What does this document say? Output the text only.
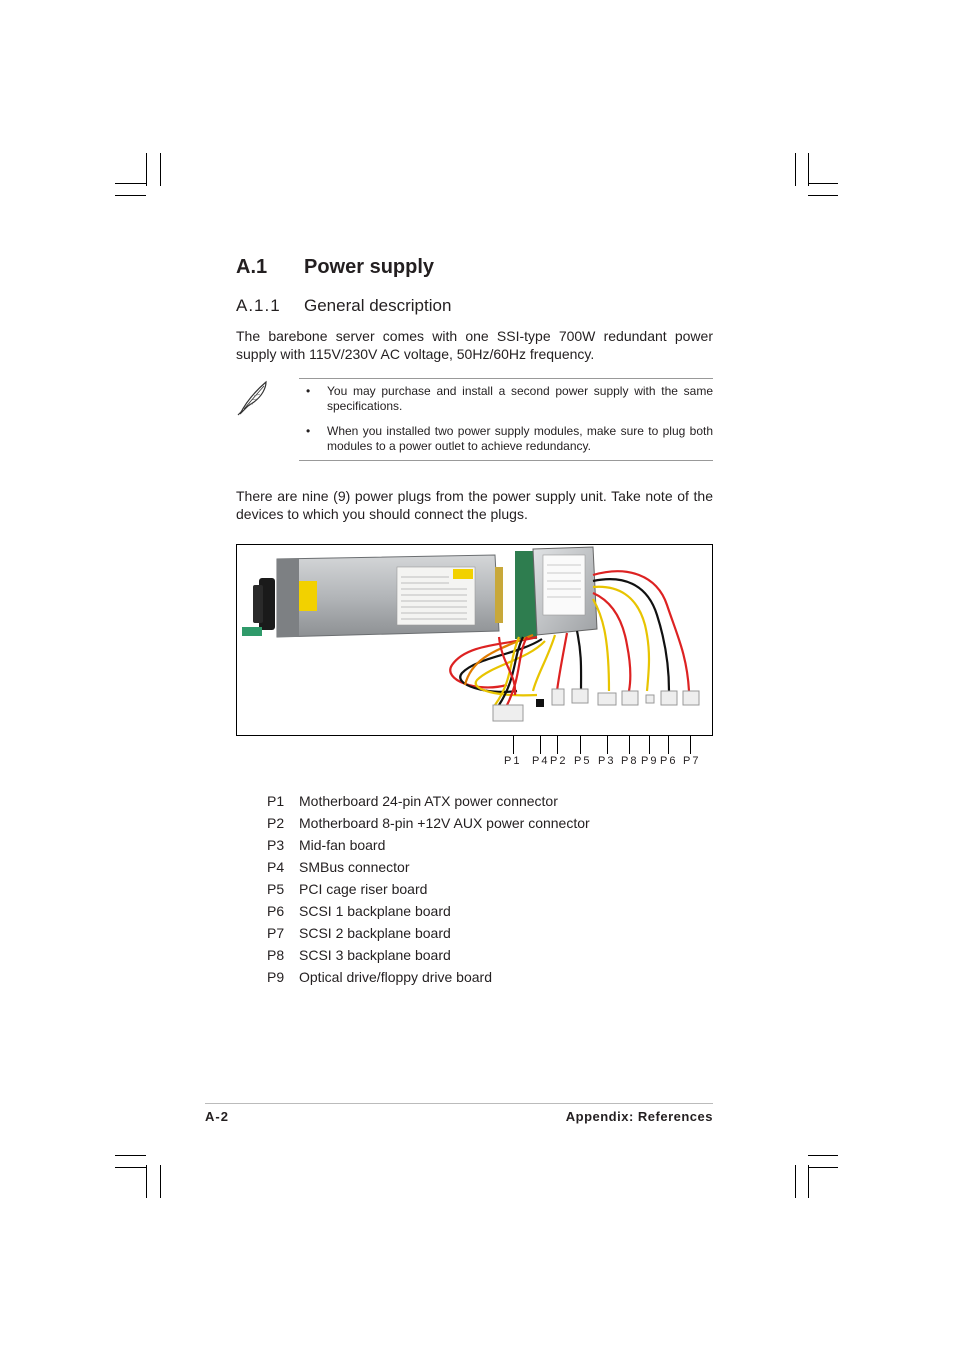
A.1 Power supply
A.1.1 General description
The barebone server comes with one SSI-type 700W redundant power supply with 115V/230V AC voltage, 50Hz/60Hz frequency.
• You may purchase and install a second power supply with the same specifications.
• When you installed two power supply modules, make sure to plug both modules to a power outlet to achieve redundancy.
There are nine (9) power plugs from the power supply unit. Take note of the devices to which you should connect the plugs.
P1 P4 P2 P5 P3 P8 P9 P6 P7
P1 Motherboard 24-pin ATX power connector
P2 Motherboard 8-pin +12V AUX power connector
P3 Mid-fan board
P4 SMBus connector
P5 PCI cage riser board
P6 SCSI 1 backplane board
P7 SCSI 2 backplane board
P8 SCSI 3 backplane board
P9 Optical drive/floppy drive board
A-2	Appendix: References
